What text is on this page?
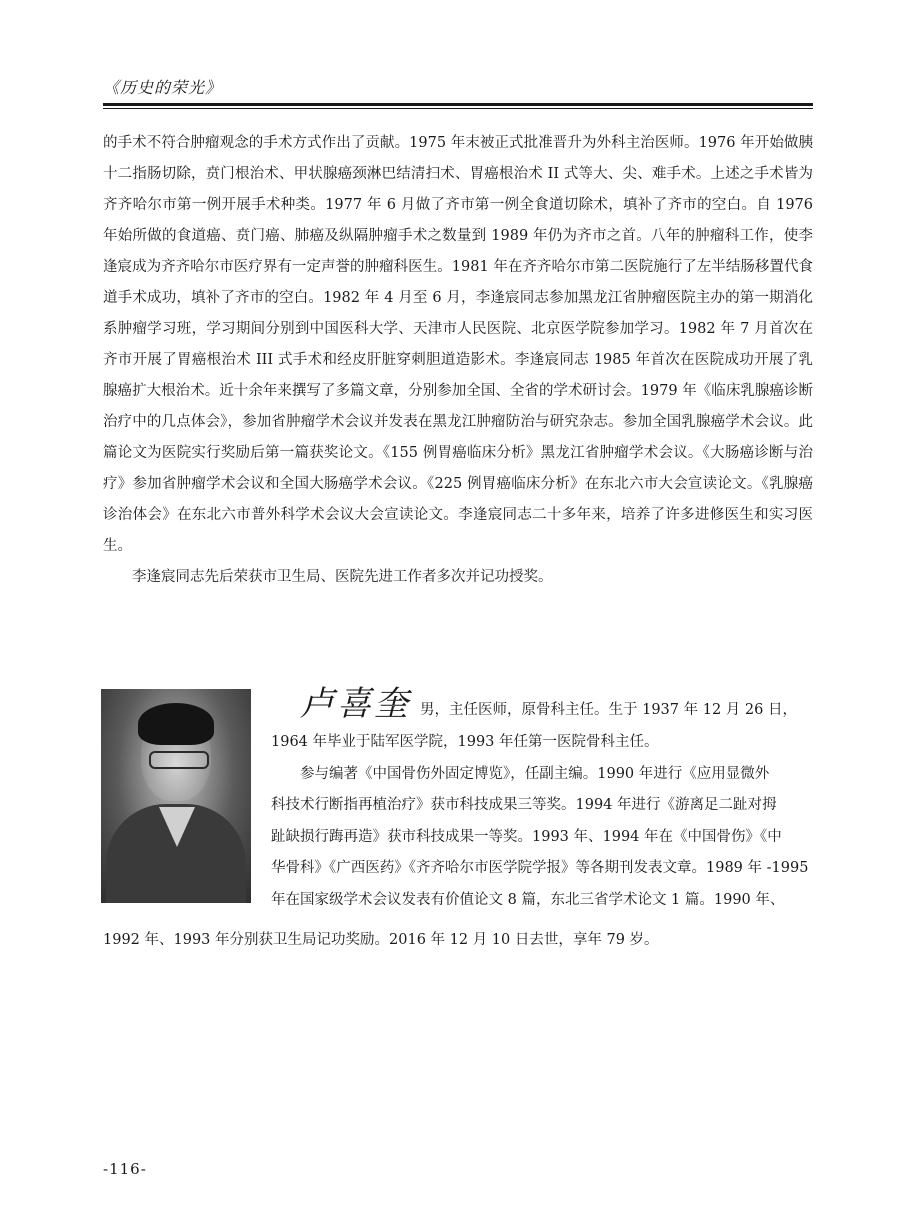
《历史的荣光》

的手术不符合肿瘤观念的手术方式作出了贡献。1975 年末被正式批准晋升为外科主治医师。1976 年开始做胰十二指肠切除，贲门根治术、甲状腺癌颈淋巴结清扫术、胃癌根治术 II 式等大、尖、难手术。上述之手术皆为齐齐哈尔市第一例开展手术种类。1977 年 6 月做了齐市第一例全食道切除术，填补了齐市的空白。自 1976 年始所做的食道癌、贲门癌、肺癌及纵隔肿瘤手术之数量到 1989 年仍为齐市之首。八年的肿瘤科工作，使李逢宸成为齐齐哈尔市医疗界有一定声誉的肿瘤科医生。1981 年在齐齐哈尔市第二医院施行了左半结肠移置代食道手术成功，填补了齐市的空白。1982 年 4 月至 6 月，李逢宸同志参加黑龙江省肿瘤医院主办的第一期消化系肿瘤学习班，学习期间分别到中国医科大学、天津市人民医院、北京医学院参加学习。1982 年 7 月首次在齐市开展了胃癌根治术 III 式手术和经皮肝脏穿刺胆道造影术。李逢宸同志 1985 年首次在医院成功开展了乳腺癌扩大根治术。近十余年来撰写了多篇文章，分别参加全国、全省的学术研讨会。1979 年《临床乳腺癌诊断治疗中的几点体会》，参加省肿瘤学术会议并发表在黑龙江肿瘤防治与研究杂志。参加全国乳腺癌学术会议。此篇论文为医院实行奖励后第一篇获奖论文。《155 例胃癌临床分析》黑龙江省肿瘤学术会议。《大肠癌诊断与治疗》参加省肿瘤学术会议和全国大肠癌学术会议。《225 例胃癌临床分析》在东北六市大会宣读论文。《乳腺癌诊治体会》在东北六市普外科学术会议大会宣读论文。李逢宸同志二十多年来，培养了许多进修医生和实习医生。

李逢宸同志先后荣获市卫生局、医院先进工作者多次并记功授奖。

卢喜奎 男，主任医师，原骨科主任。生于 1937 年 12 月 26 日，

1964 年毕业于陆军医学院，1993 年任第一医院骨科主任。

参与编著《中国骨伤外固定博览》，任副主编。1990 年进行《应用显微外

科技术行断指再植治疗》获市科技成果三等奖。1994 年进行《游离足二趾对拇

趾缺损行踇再造》获市科技成果一等奖。1993 年、1994 年在《中国骨伤》《中

华骨科》《广西医药》《齐齐哈尔市医学院学报》等各期刊发表文章。1989 年 -1995

年在国家级学术会议发表有价值论文 8 篇，东北三省学术论文 1 篇。1990 年、

1992 年、1993 年分别获卫生局记功奖励。2016 年 12 月 10 日去世，享年 79 岁。
-116-
